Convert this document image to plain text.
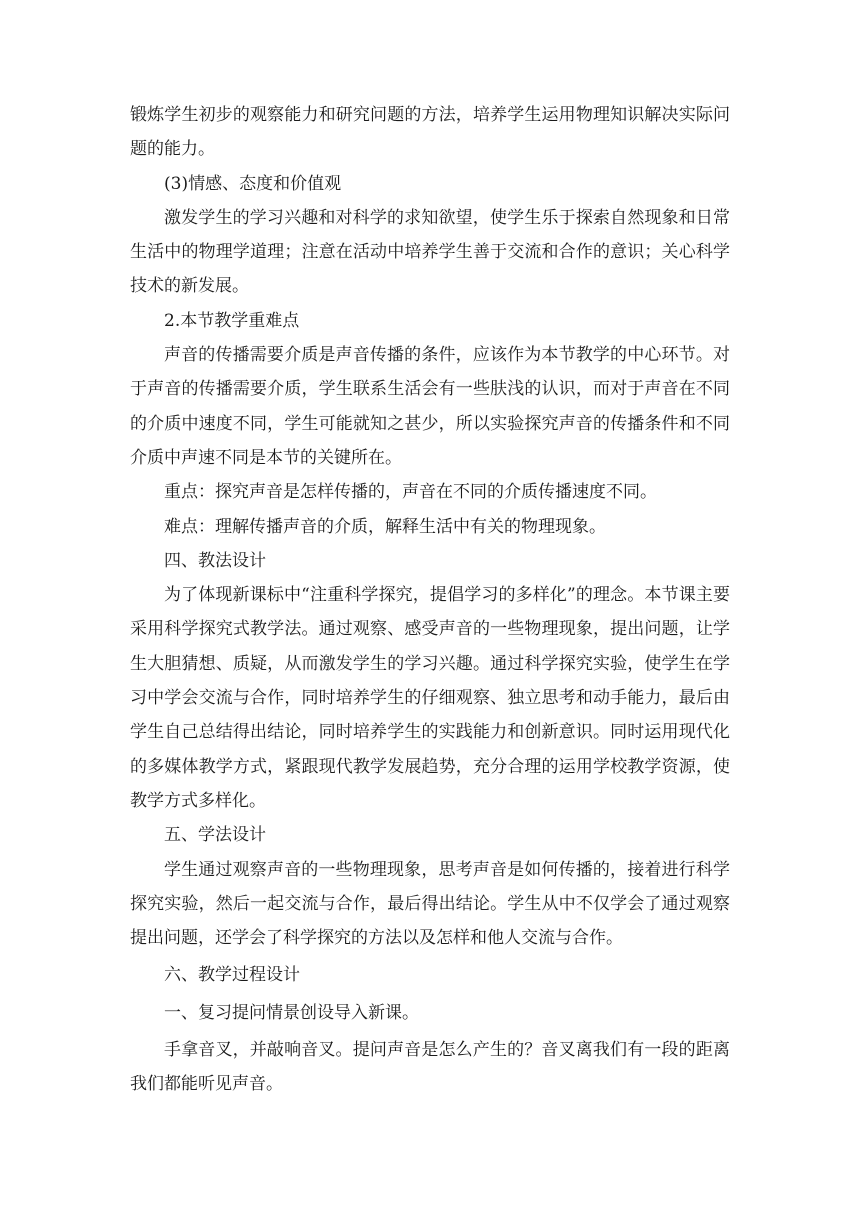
锻炼学生初步的观察能力和研究问题的方法，培养学生运用物理知识解决实际问题的能力。

(3)情感、态度和价值观

激发学生的学习兴趣和对科学的求知欲望，使学生乐于探索自然现象和日常生活中的物理学道理；注意在活动中培养学生善于交流和合作的意识；关心科学技术的新发展。

2.本节教学重难点

声音的传播需要介质是声音传播的条件，应该作为本节教学的中心环节。对于声音的传播需要介质，学生联系生活会有一些肤浅的认识，而对于声音在不同的介质中速度不同，学生可能就知之甚少，所以实验探究声音的传播条件和不同介质中声速不同是本节的关键所在。

重点：探究声音是怎样传播的，声音在不同的介质传播速度不同。

难点：理解传播声音的介质，解释生活中有关的物理现象。

四、教法设计

为了体现新课标中“注重科学探究，提倡学习的多样化”的理念。本节课主要采用科学探究式教学法。通过观察、感受声音的一些物理现象，提出问题，让学生大胆猜想、质疑，从而激发学生的学习兴趣。通过科学探究实验，使学生在学习中学会交流与合作，同时培养学生的仔细观察、独立思考和动手能力，最后由学生自己总结得出结论，同时培养学生的实践能力和创新意识。同时运用现代化的多媒体教学方式，紧跟现代教学发展趋势，充分合理的运用学校教学资源，使教学方式多样化。

五、学法设计

学生通过观察声音的一些物理现象，思考声音是如何传播的，接着进行科学探究实验，然后一起交流与合作，最后得出结论。学生从中不仅学会了通过观察提出问题，还学会了科学探究的方法以及怎样和他人交流与合作。

六、教学过程设计

一、复习提问情景创设导入新课。

手拿音叉，并敲响音叉。提问声音是怎么产生的？音叉离我们有一段的距离我们都能听见声音。
